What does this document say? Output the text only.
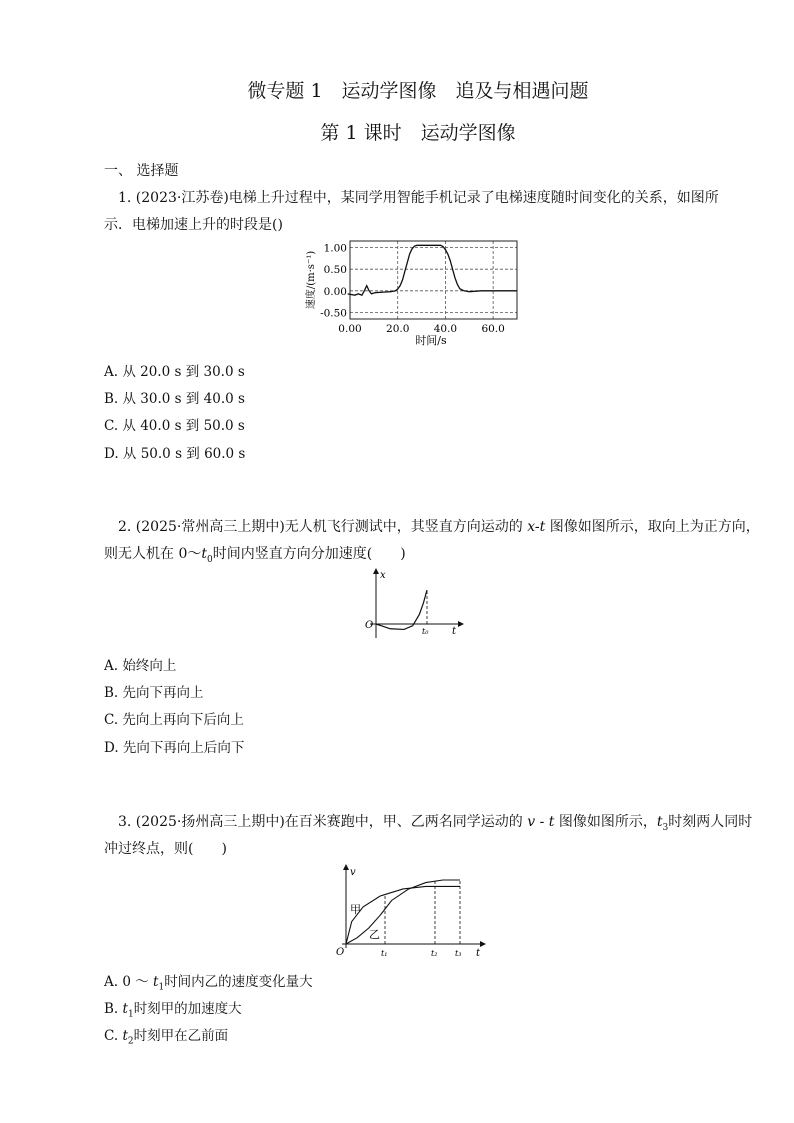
微专题 1　运动学图像　追及与相遇问题
第 1 课时　运动学图像
一、 选择题
1. (2023·江苏卷)电梯上升过程中，某同学用智能手机记录了电梯速度随时间变化的关系，如图所
示．电梯加速上升的时段是()
0.00 20.0 40.0 60.0
1.00
0.50
0.00
-0.50
时间/s
速度/(m·s⁻¹)
A. 从 20.0 s 到 30.0 s
B. 从 30.0 s 到 40.0 s
C. 从 40.0 s 到 50.0 s
D. 从 50.0 s 到 60.0 s
2. (2025·常州高三上期中)无人机飞行测试中，其竖直方向运动的 x-t 图像如图所示，取向上为正方向，
则无人机在 $0\sim t_0$时间内竖直方向分加速度(　　)
x
t
O
t₀
A. 始终向上
B. 先向下再向上
C. 先向上再向下后向上
D. 先向下再向上后向下
3. (2025·扬州高三上期中)在百米赛跑中，甲、乙两名同学运动的 v - t 图像如图所示，$t_3$时刻两人同时
冲过终点，则(　　)
v
t
O
甲
乙
t₁	t₂ t₃
A. 0 ～ $t_1$时间内乙的速度变化量大
B. $t_1$时刻甲的加速度大
C. $t_2$时刻甲在乙前面
